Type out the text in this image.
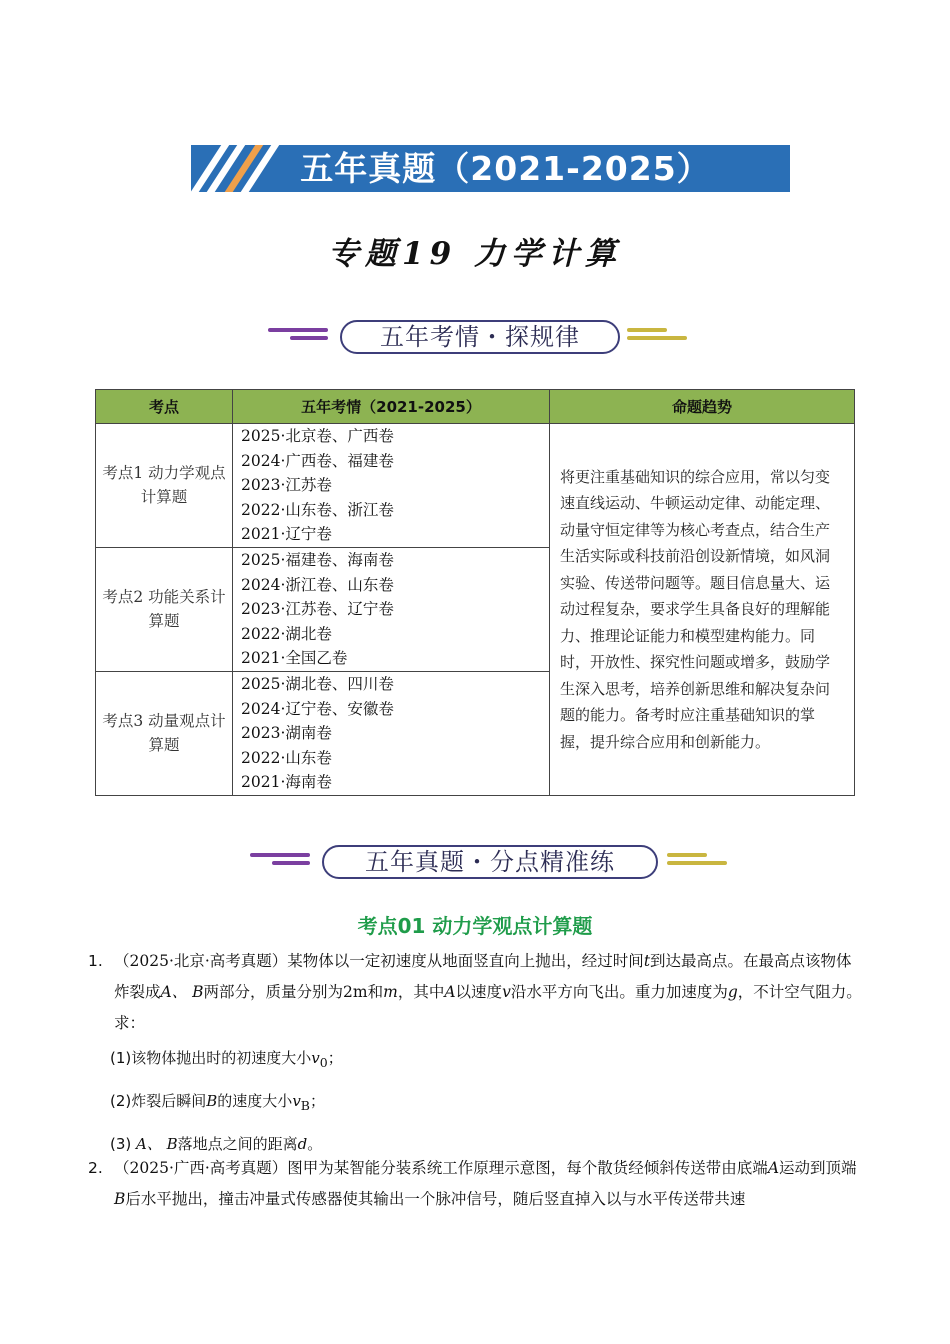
五年真题（2021-2025）
专题19 力学计算
五年考情・探规律
考点	五年考情（2021-2025）	命题趋势
考点1 动力学观点计算题	2025·北京卷、广西卷
2024·广西卷、福建卷
2023·江苏卷
2022·山东卷、浙江卷
2021·辽宁卷	将更注重基础知识的综合应用，常以匀变速直线运动、牛顿运动定律、动能定理、动量守恒定律等为核心考查点，结合生产生活实际或科技前沿创设新情境，如风洞实验、传送带问题等。题目信息量大、运动过程复杂，要求学生具备良好的理解能力、推理论证能力和模型建构能力。同时，开放性、探究性问题或增多，鼓励学生深入思考，培养创新思维和解决复杂问题的能力。备考时应注重基础知识的掌握，提升综合应用和创新能力。
考点2 功能关系计算题	2025·福建卷、海南卷
2024·浙江卷、山东卷
2023·江苏卷、辽宁卷
2022·湖北卷
2021·全国乙卷	

考点3 动量观点计算题	2025·湖北卷、四川卷
2024·辽宁卷、安徽卷
2023·湖南卷
2022·山东卷
2021·海南卷	
五年真题・分点精准练
考点01 动力学观点计算题
1. （2025·北京·高考真题）某物体以一定初速度从地面竖直向上抛出，经过时间t到达最高点。在最高点该物体炸裂成A、 B两部分，质量分别为2m和m，其中A以速度v沿水平方向飞出。重力加速度为g，不计空气阻力。求：
(1)该物体抛出时的初速度大小$v_0$；
(2)炸裂后瞬间B的速度大小$v_B$；
(3) A、 B落地点之间的距离d。
2. （2025·广西·高考真题）图甲为某智能分装系统工作原理示意图，每个散货经倾斜传送带由底端A运动到顶端B后水平抛出，撞击冲量式传感器使其输出一个脉冲信号，随后竖直掉入以与水平传送带共速
